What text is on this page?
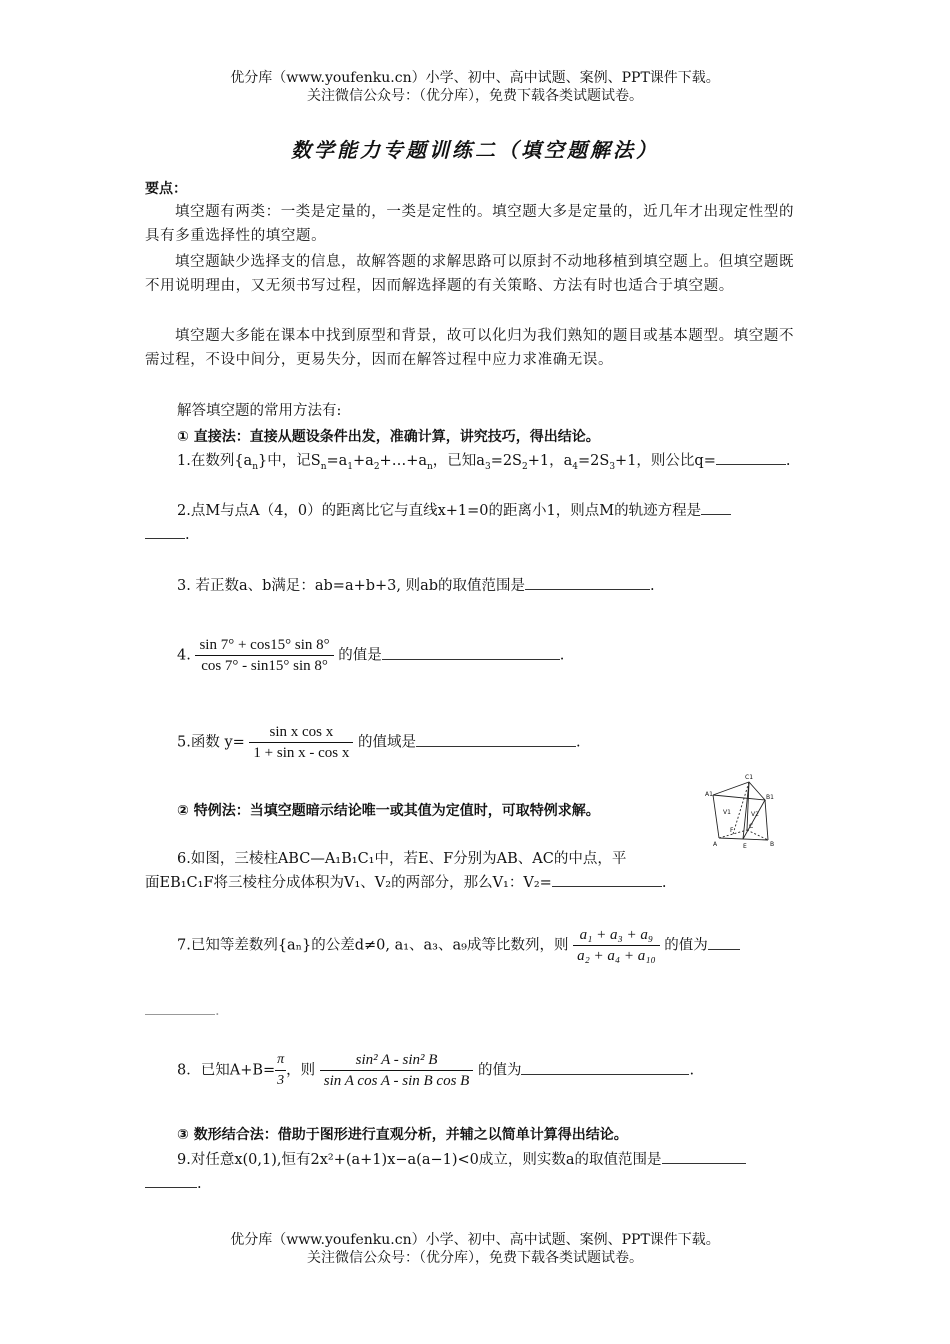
优分库（www.youfenku.cn）小学、初中、高中试题、案例、PPT课件下载。
关注微信公众号：（优分库），免费下载各类试题试卷。
数学能力专题训练二（填空题解法）
要点：
填空题有两类：一类是定量的，一类是定性的。填空题大多是定量的，近几年才出现定性型的具有多重选择性的填空题。
填空题缺少选择支的信息，故解答题的求解思路可以原封不动地移植到填空题上。但填空题既不用说明理由，又无须书写过程，因而解选择题的有关策略、方法有时也适合于填空题。
填空题大多能在课本中找到原型和背景，故可以化归为我们熟知的题目或基本题型。填空题不需过程，不设中间分，更易失分，因而在解答过程中应力求准确无误。
解答填空题的常用方法有:
① 直接法：直接从题设条件出发，准确计算，讲究技巧，得出结论。
1.在数列$\{a_n\}$中，记$S_n=a_1+a_2+\dots+a_n$，已知$a_3=2S_2+1$，$a_4=2S_3+1$，则公比q=	.
2.点M与点A（4，0）的距离比它与直线x+1=0的距离小1，则点M的轨迹方程是
.
3. 若正数a、b满足：ab=a+b+3, 则ab的取值范围是	.
4. $\frac{\sin 7^\circ + \cos 15^\circ \sin 8^\circ}{\cos 7^\circ - \sin 15^\circ \sin 8^\circ}$ 的值是	.
5.函数 $y= \frac{\text{sin x cos x}}{\text{1 + sin x - cos x}}$ 的值域是	.
② 特例法：当填空题暗示结论唯一或其值为定值时，可取特例求解。
C1
A1	B1
V1	V2
A	E	B
F
C
6.如图，三棱柱ABC—A₁B₁C₁中，若E、F分别为AB、AC的中点，平
面EB₁C₁F将三棱柱分成体积为V₁、V₂的两部分，那么V₁：V₂=	.
7.已知等差数列{aₙ}的公差d≠0, a₁、a₃、a₉成等比数列，则 $\frac{\text{a₁ + a₃ + a₉}}{\text{a₂ + a₄ + a₁₀}}$ 的值为
.
8．已知$A+B= \frac{\pi}{3}$ ，则 $\frac{\text{sin² A - sin² B}}{\text{sin A cos A - sin B cos B}}$ 的值为	.
③ 数形结合法：借助于图形进行直观分析，并辅之以简单计算得出结论。
9.对任意x(0,1),恒有2x²+(a+1)x−a(a−1)<0成立，则实数a的取值范围是
.
优分库（www.youfenku.cn）小学、初中、高中试题、案例、PPT课件下载。
关注微信公众号：（优分库），免费下载各类试题试卷。
